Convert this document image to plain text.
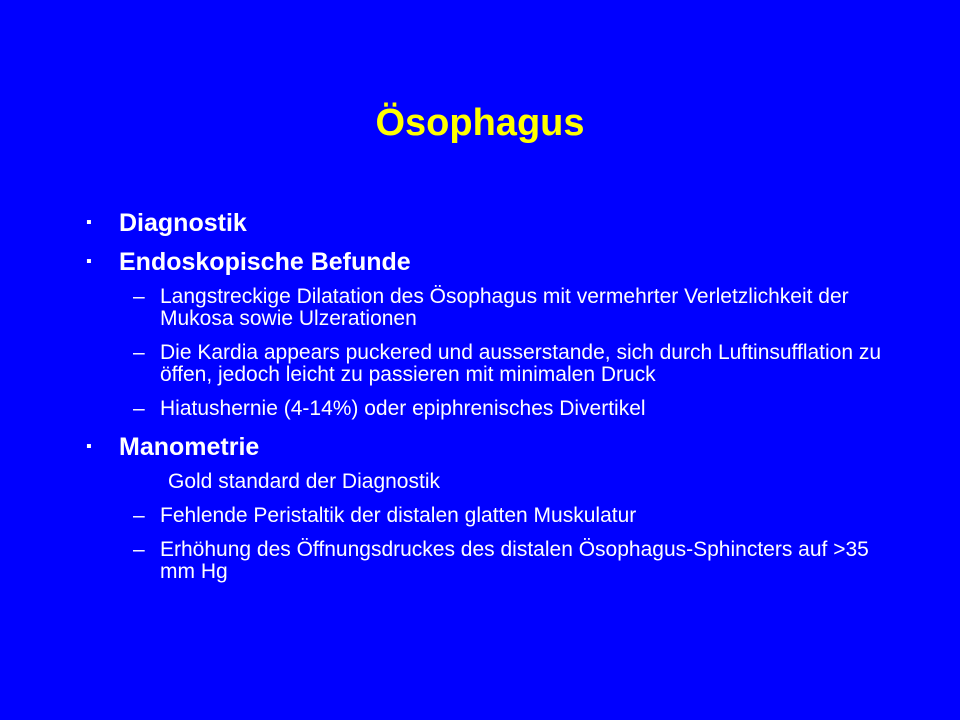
Ösophagus
▪ Diagnostik
▪ Endoskopische Befunde
– Langstreckige Dilatation des Ösophagus mit vermehrter Verletzlichkeit der Mukosa sowie Ulzerationen
– Die Kardia appears puckered und ausserstande, sich durch Luftinsufflation zu öffen, jedoch leicht zu passieren mit minimalen Druck
– Hiatushernie (4-14%) oder epiphrenisches Divertikel
▪ Manometrie
Gold standard der Diagnostik
– Fehlende Peristaltik der distalen glatten Muskulatur
– Erhöhung des Öffnungsdruckes des distalen Ösophagus-Sphincters auf >35 mm Hg
